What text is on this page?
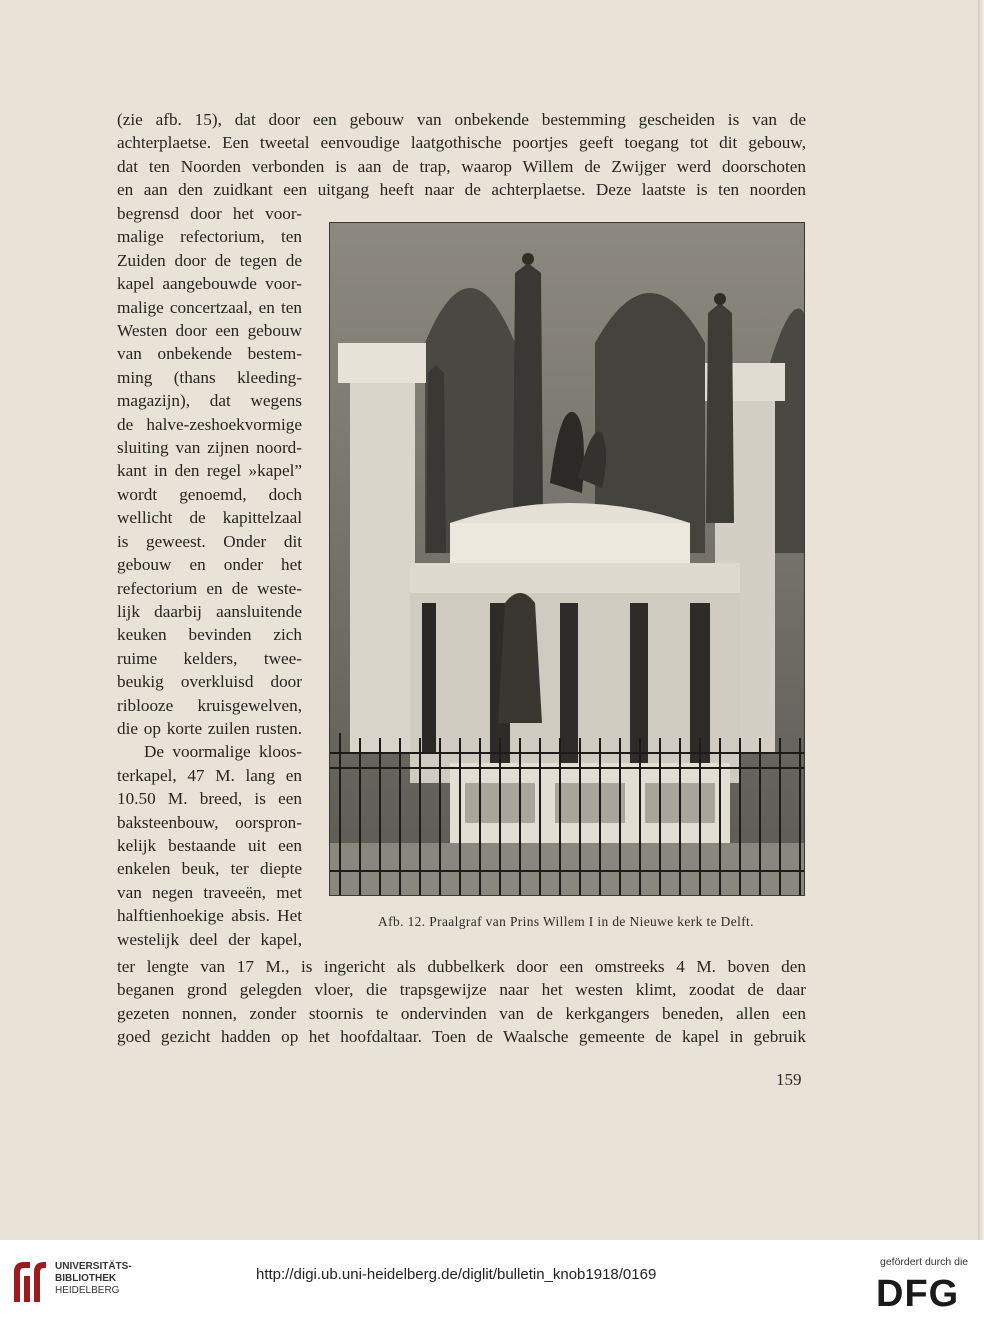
(zie afb. 15), dat door een gebouw van onbekende bestemming gescheiden is van de
achterplaetse. Een tweetal eenvoudige laatgothische poortjes geeft toegang tot dit gebouw,
dat ten Noorden verbonden is aan de trap, waarop Willem de Zwijger werd doorschoten
en aan den zuidkant een uitgang heeft naar de achterplaetse. Deze laatste is ten noorden
begrensd door het voor-
malige refectorium, ten
Zuiden door de tegen de
kapel aangebouwde voor-
malige concertzaal, en ten
Westen door een gebouw
van onbekende bestem-
ming (thans kleeding-
magazijn), dat wegens
de halve-zeshoekvormige
sluiting van zijnen noord-
kant in den regel »kapel”
wordt genoemd, doch
wellicht de kapittelzaal
is geweest. Onder dit
gebouw en onder het
refectorium en de weste-
lijk daarbij aansluitende
keuken bevinden zich
ruime kelders, twee-
beukig overkluisd door
riblooze kruisgewelven,
die op korte zuilen rusten.
De voormalige kloos-
terkapel, 47 M. lang en
10.50 M. breed, is een
baksteenbouw, oorspron-
kelijk bestaande uit een
enkelen beuk, ter diepte
van negen traveeën, met
halftienhoekige absis. Het
westelijk deel der kapel,
Afb. 12. Praalgraf van Prins Willem I in de Nieuwe kerk te Delft.
ter lengte van 17 M., is ingericht als dubbelkerk door een omstreeks 4 M. boven den
beganen grond gelegden vloer, die trapsgewijze naar het westen klimt, zoodat de daar
gezeten nonnen, zonder stoornis te ondervinden van de kerkgangers beneden, allen een
goed gezicht hadden op het hoofdaltaar. Toen de Waalsche gemeente de kapel in gebruik
159
UNIVERSITÄTS-
BIBLIOTHEK
HEIDELBERG
http://digi.ub.uni-heidelberg.de/diglit/bulletin_knob1918/0169
gefördert durch die
DFG
